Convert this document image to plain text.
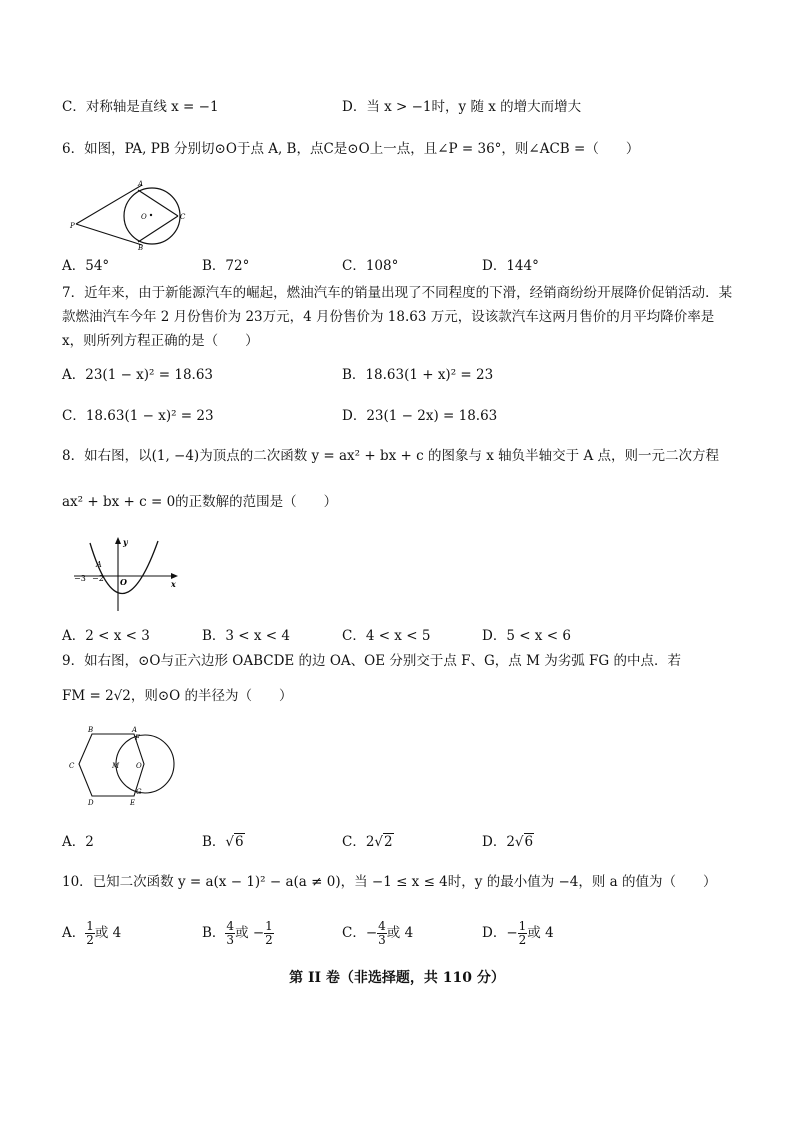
C．对称轴是直线 x = −1	D．当 x > −1时，y 随 x 的增大而增大
6．如图，PA, PB 分别切⊙O于点 A, B，点C是⊙O上一点，且∠P = 36°，则∠ACB =（　　）
A
B
C
O
P
A．54°	B．72°	C．108°	D．144°
7．近年来，由于新能源汽车的崛起，燃油汽车的销量出现了不同程度的下滑，经销商纷纷开展降价促销活动．某
款燃油汽车今年 2 月份售价为 23万元，4 月份售价为 18.63 万元，设该款汽车这两月售价的月平均降价率是
x，则所列方程正确的是（　　）
A．23(1 − x)² = 18.63	B．18.63(1 + x)² = 23
C．18.63(1 − x)² = 23	D．23(1 − 2x) = 18.63
8．如右图，以(1, −4)为顶点的二次函数 y = ax² + bx + c 的图象与 x 轴负半轴交于 A 点，则一元二次方程
ax² + bx + c = 0的正数解的范围是（　　）
y
x
A
O
−3 −2
A．2 < x < 3	B．3 < x < 4	C．4 < x < 5	D．5 < x < 6
9．如右图，⊙O与正六边形 OABCDE 的边 OA、OE 分别交于点 F、G，点 M 为劣弧 FG 的中点．若
FM = 2√2，则⊙O 的半径为（　　）
B	A
F
C	M O
D
G
E
A．2	B．√6	C．2√2	D．2√6
10．已知二次函数 y = a(x − 1)² − a(a ≠ 0)，当 −1 ≤ x ≤ 4时，y 的最小值为 −4，则 a 的值为（　　）
A． $\frac{1}{2}$ 或 4	B． $\frac{4}{3}$ 或 − $\frac{1}{2}$	C．− $\frac{4}{3}$ 或 4	D．− $\frac{1}{2}$ 或 4
第 II 卷（非选择题，共 110 分）
